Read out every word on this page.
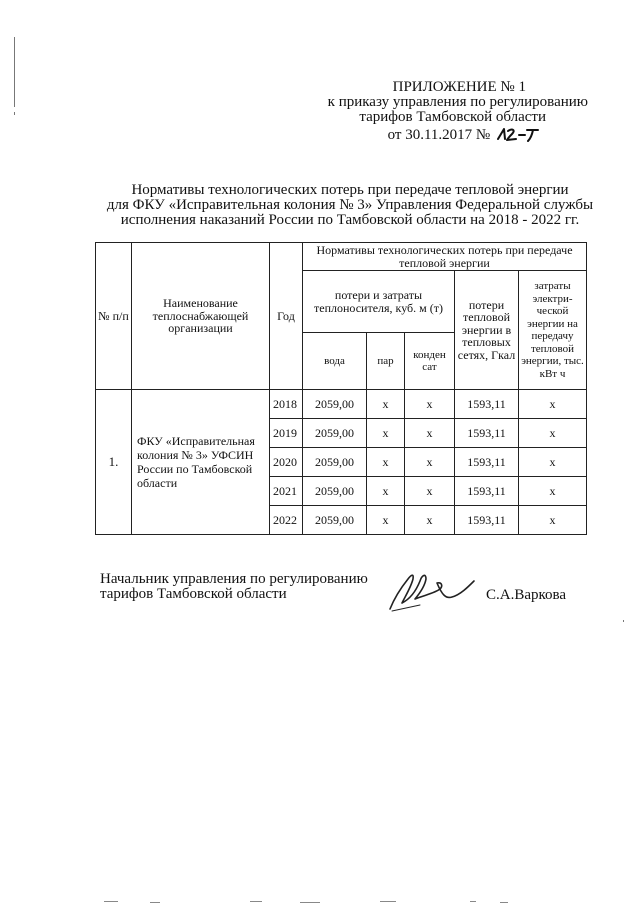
ПРИЛОЖЕНИЕ № 1
к приказу управления по регулированию
тарифов Тамбовской области
от 30.11.2017 №
Нормативы технологических потерь при передаче тепловой энергии
для ФКУ «Исправительная колония № 3» Управления Федеральной службы
исполнения наказаний России по Тамбовской области на 2018 - 2022 гг.
№ п/п	Наименование теплоснабжающей организации	Год	Нормативы технологических потерь при передаче тепловой энергии				
			потери и затраты теплоносителя, куб. м (т)			потери тепловой энергии в тепловых сетях, Гкал	затраты электри-ческой энергии на передачу тепловой энергии, тыс. кВт ч
			вода	пар	конден сат		
1.	ФКУ «Исправительная колония № 3» УФСИН России по Тамбовской области	2018	2059,00	х	х	1593,11	х
		2019	2059,00	х	х	1593,11	х
		2020	2059,00	х	х	1593,11	х
		2021	2059,00	х	х	1593,11	х
		2022	2059,00	х	х	1593,11	х
Начальник управления по регулированию
тарифов Тамбовской области	С.А.Варкова
